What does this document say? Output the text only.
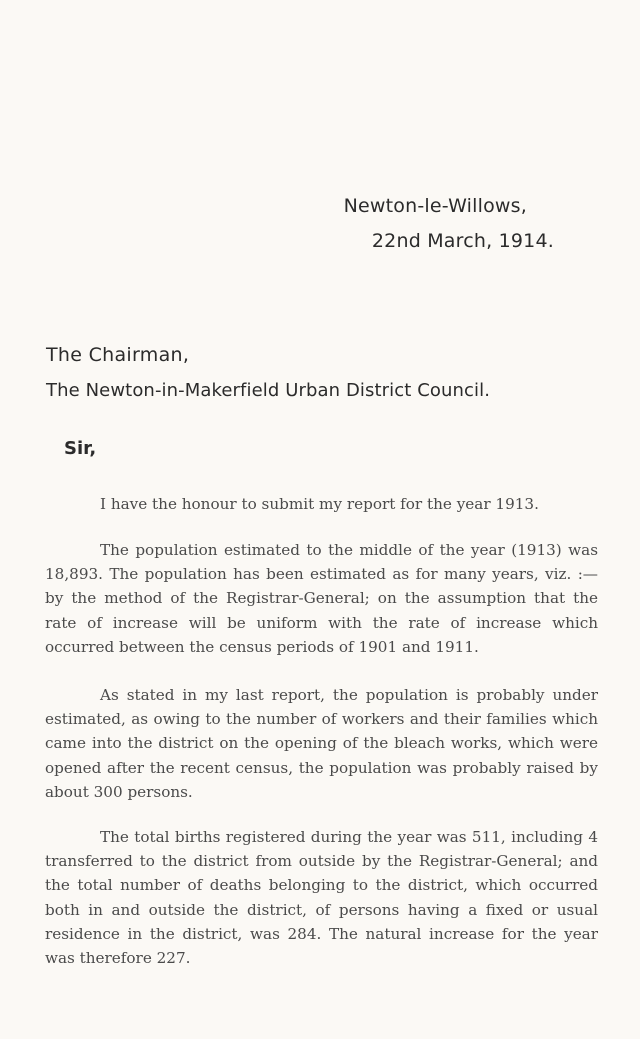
Newton-le-Willows,
22nd March, 1914.
The Chairman,
The Newton-in-Makerfield Urban District Council.
Sir,

I have the honour to submit my report for the year 1913.

The population estimated to the middle of the year (1913) was 18,893. The population has been estimated as for many years, viz. :— by the method of the Registrar-General; on the assumption that the rate of increase will be uniform with the rate of increase which occurred between the census periods of 1901 and 1911.

As stated in my last report, the population is probably under estimated, as owing to the number of workers and their families which came into the district on the opening of the bleach works, which were opened after the recent census, the population was probably raised by about 300 persons.

The total births registered during the year was 511, including 4 transferred to the district from outside by the Registrar-General; and the total number of deaths belonging to the district, which occurred both in and outside the district, of persons having a fixed or usual residence in the district, was 284. The natural increase for the year was therefore 227.
